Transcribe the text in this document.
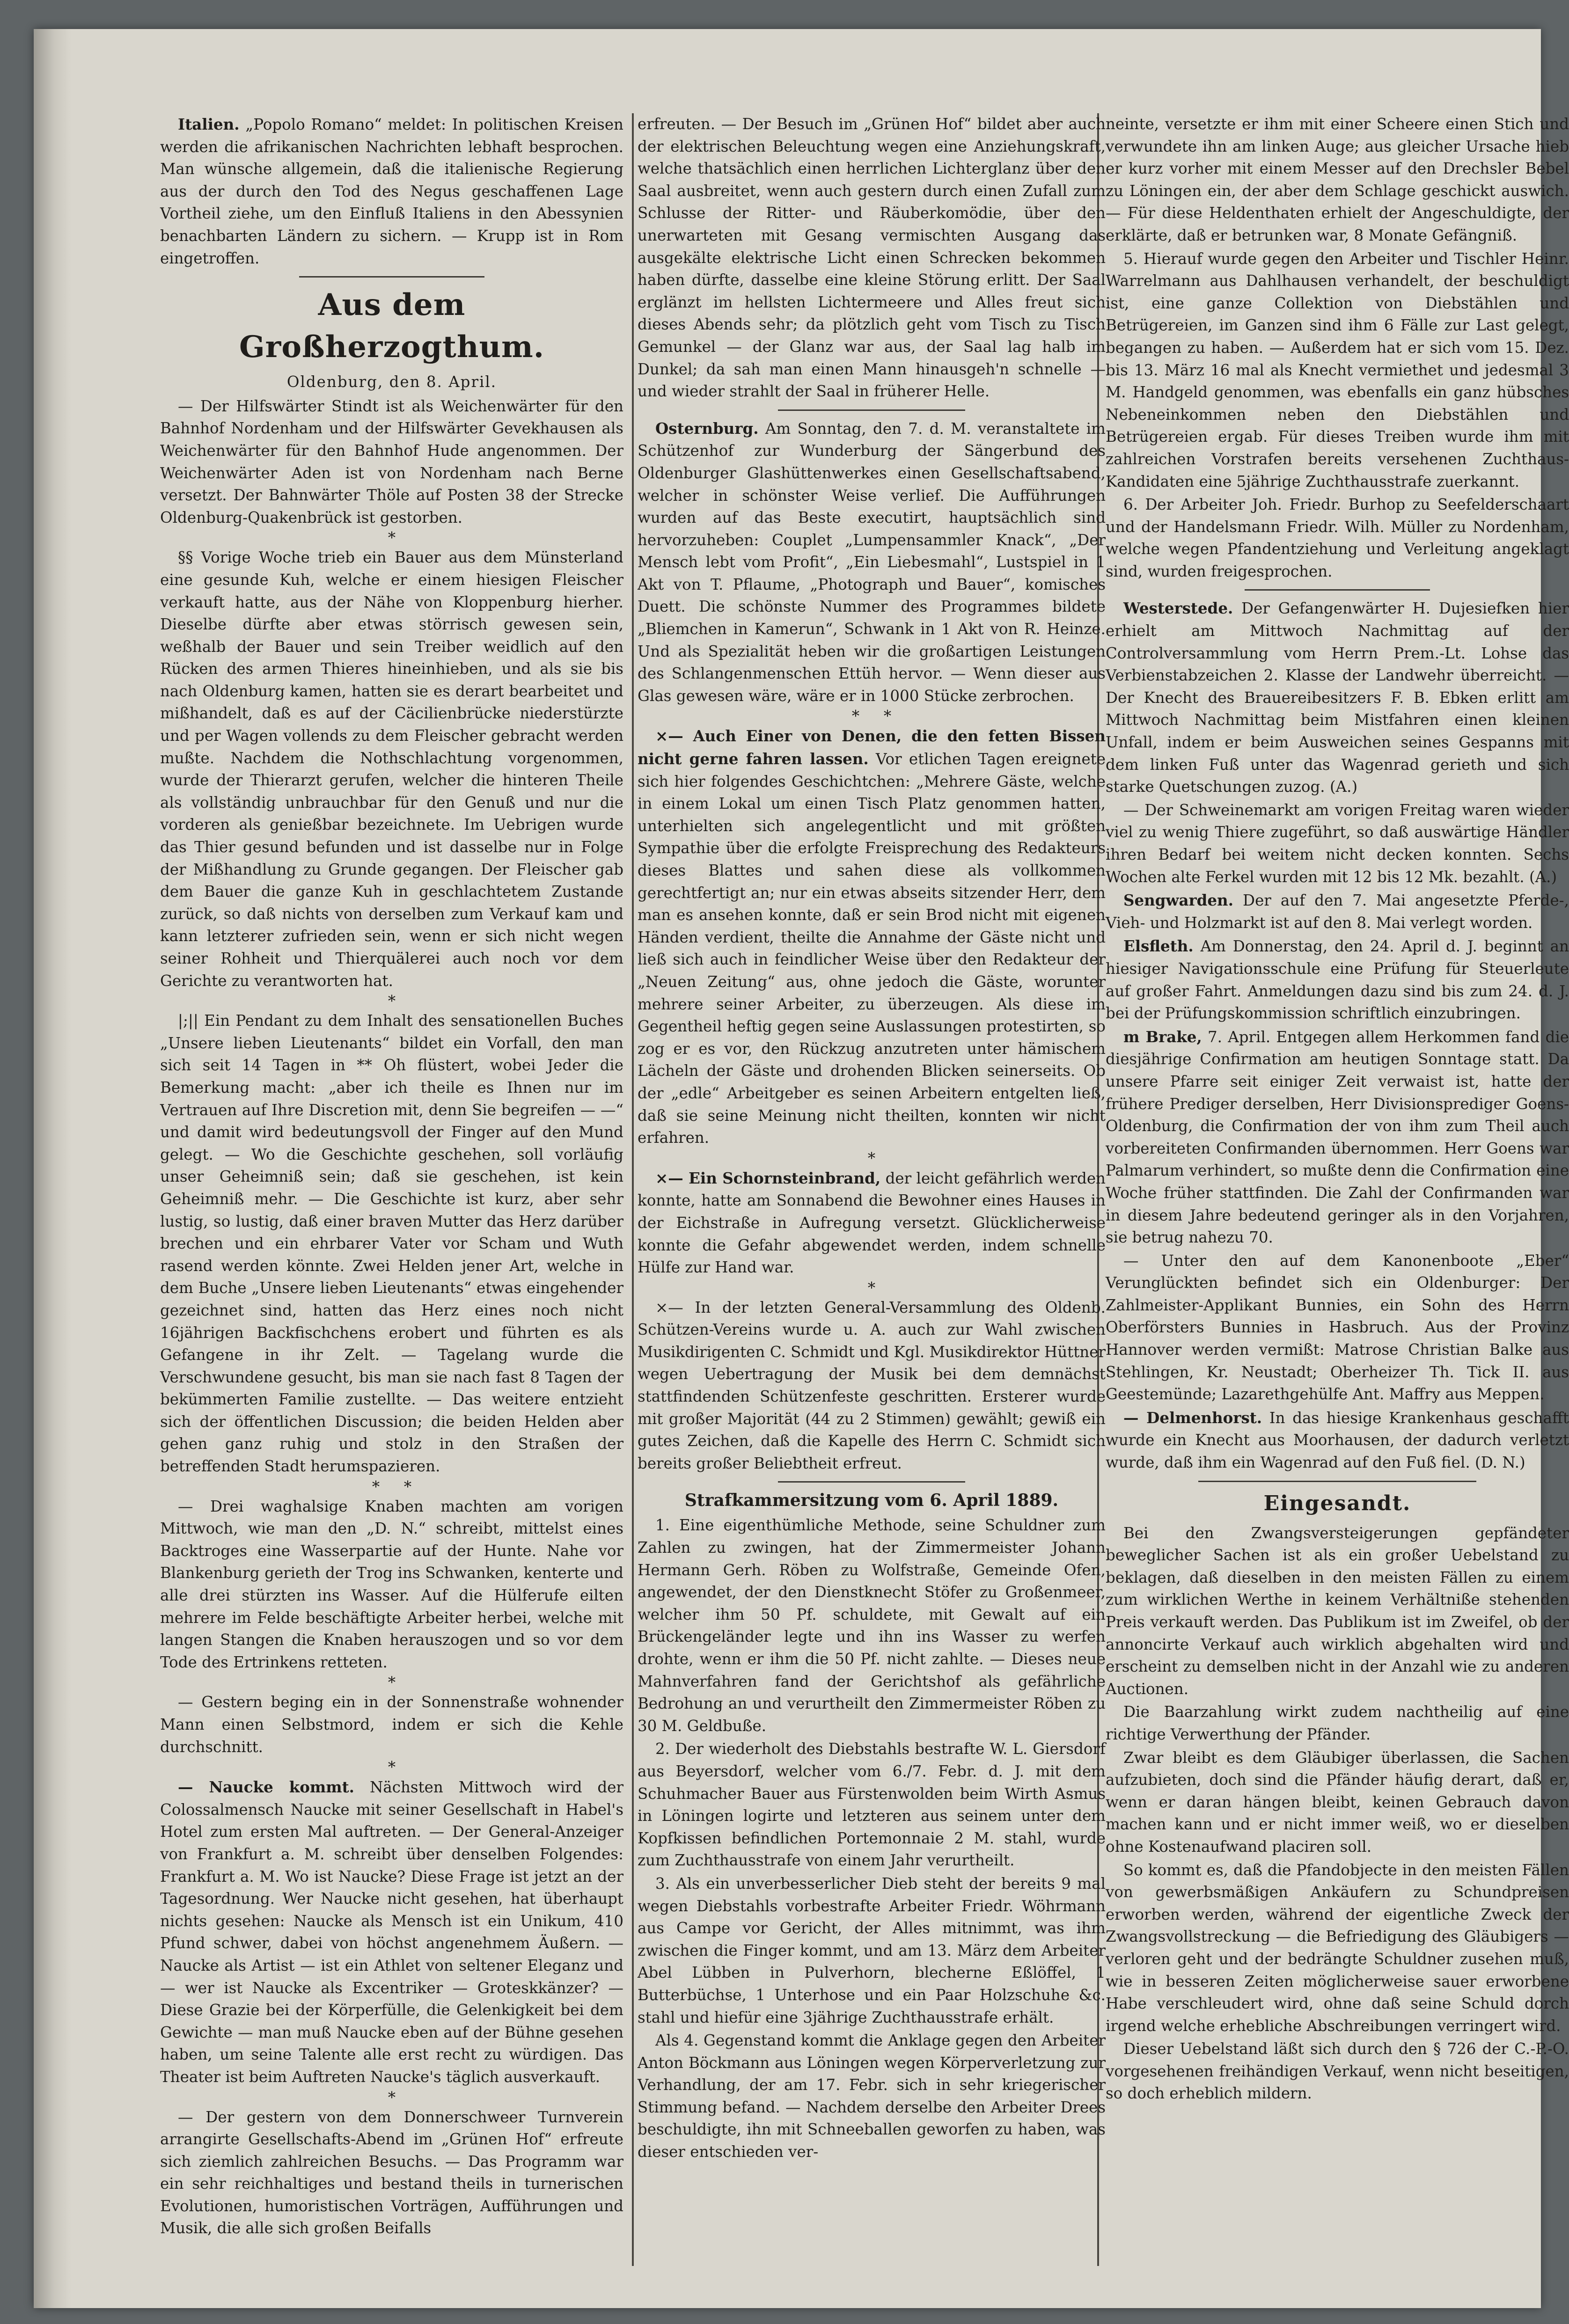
Italien. „Popolo Romano“ meldet: In politischen Kreisen werden die afrikanischen Nachrichten lebhaft besprochen. Man wünsche allgemein, daß die italienische Regierung aus der durch den Tod des Negus geschaffenen Lage Vortheil ziehe, um den Einfluß Italiens in den Abessynien benachbarten Ländern zu sichern. — Krupp ist in Rom eingetroffen.

Aus dem Großherzogthum.
Oldenburg, den 8. April.

— Der Hilfswärter Stindt ist als Weichenwärter für den Bahnhof Nordenham und der Hilfswärter Gevekhausen als Weichenwärter für den Bahnhof Hude angenommen. Der Weichenwärter Aden ist von Nordenham nach Berne versetzt. Der Bahnwärter Thöle auf Posten 38 der Strecke Oldenburg-Quakenbrück ist gestorben.

*

§§ Vorige Woche trieb ein Bauer aus dem Münsterland eine gesunde Kuh, welche er einem hiesigen Fleischer verkauft hatte, aus der Nähe von Kloppenburg hierher. Dieselbe dürfte aber etwas störrisch gewesen sein, weßhalb der Bauer und sein Treiber weidlich auf den Rücken des armen Thieres hineinhieben, und als sie bis nach Oldenburg kamen, hatten sie es derart bearbeitet und mißhandelt, daß es auf der Cäcilienbrücke niederstürzte und per Wagen vollends zu dem Fleischer gebracht werden mußte. Nachdem die Nothschlachtung vorgenommen, wurde der Thierarzt gerufen, welcher die hinteren Theile als vollständig unbrauchbar für den Genuß und nur die vorderen als genießbar bezeichnete. Im Uebrigen wurde das Thier gesund befunden und ist dasselbe nur in Folge der Mißhandlung zu Grunde gegangen. Der Fleischer gab dem Bauer die ganze Kuh in geschlachtetem Zustande zurück, so daß nichts von derselben zum Verkauf kam und kann letzterer zufrieden sein, wenn er sich nicht wegen seiner Rohheit und Thierquälerei auch noch vor dem Gerichte zu verantworten hat.

*

|;|| Ein Pendant zu dem Inhalt des sensationellen Buches „Unsere lieben Lieutenants“ bildet ein Vorfall, den man sich seit 14 Tagen in ** Oh flüstert, wobei Jeder die Bemerkung macht: „aber ich theile es Ihnen nur im Vertrauen auf Ihre Discretion mit, denn Sie begreifen — —“ und damit wird bedeutungsvoll der Finger auf den Mund gelegt. — Wo die Geschichte geschehen, soll vorläufig unser Geheimniß sein; daß sie geschehen, ist kein Geheimniß mehr. — Die Geschichte ist kurz, aber sehr lustig, so lustig, daß einer braven Mutter das Herz darüber brechen und ein ehrbarer Vater vor Scham und Wuth rasend werden könnte. Zwei Helden jener Art, welche in dem Buche „Unsere lieben Lieutenants“ etwas eingehender gezeichnet sind, hatten das Herz eines noch nicht 16jährigen Backfischchens erobert und führten es als Gefangene in ihr Zelt. — Tagelang wurde die Verschwundene gesucht, bis man sie nach fast 8 Tagen der bekümmerten Familie zustellte. — Das weitere entzieht sich der öffentlichen Discussion; die beiden Helden aber gehen ganz ruhig und stolz in den Straßen der betreffenden Stadt herumspazieren.

*     *

— Drei waghalsige Knaben machten am vorigen Mittwoch, wie man den „D. N.“ schreibt, mittelst eines Backtroges eine Wasserpartie auf der Hunte. Nahe vor Blankenburg gerieth der Trog ins Schwanken, kenterte und alle drei stürzten ins Wasser. Auf die Hülferufe eilten mehrere im Felde beschäftigte Arbeiter herbei, welche mit langen Stangen die Knaben herauszogen und so vor dem Tode des Ertrinkens retteten.

*

— Gestern beging ein in der Sonnenstraße wohnender Mann einen Selbstmord, indem er sich die Kehle durchschnitt.

*

— Naucke kommt. Nächsten Mittwoch wird der Colossalmensch Naucke mit seiner Gesellschaft in Habel's Hotel zum ersten Mal auftreten. — Der General-Anzeiger von Frankfurt a. M. schreibt über denselben Folgendes: Frankfurt a. M. Wo ist Naucke? Diese Frage ist jetzt an der Tagesordnung. Wer Naucke nicht gesehen, hat überhaupt nichts gesehen: Naucke als Mensch ist ein Unikum, 410 Pfund schwer, dabei von höchst angenehmem Äußern. — Naucke als Artist — ist ein Athlet von seltener Eleganz und — wer ist Naucke als Excentriker — Groteskkänzer? — Diese Grazie bei der Körperfülle, die Gelenkigkeit bei dem Gewichte — man muß Naucke eben auf der Bühne gesehen haben, um seine Talente alle erst recht zu würdigen. Das Theater ist beim Auftreten Naucke's täglich ausverkauft.

*

— Der gestern von dem Donnerschweer Turnverein arrangirte Gesellschafts-Abend im „Grünen Hof“ erfreute sich ziemlich zahlreichen Besuchs. — Das Programm war ein sehr reichhaltiges und bestand theils in turnerischen Evolutionen, humoristischen Vorträgen, Aufführungen und Musik, die alle sich großen Beifalls

erfreuten. — Der Besuch im „Grünen Hof“ bildet aber auch der elektrischen Beleuchtung wegen eine Anziehungskraft, welche thatsächlich einen herrlichen Lichterglanz über den Saal ausbreitet, wenn auch gestern durch einen Zufall zum Schlusse der Ritter- und Räuberkomödie, über den unerwarteten mit Gesang vermischten Ausgang das ausgekälte elektrische Licht einen Schrecken bekommen haben dürfte, dasselbe eine kleine Störung erlitt. Der Saal erglänzt im hellsten Lichtermeere und Alles freut sich dieses Abends sehr; da plötzlich geht vom Tisch zu Tisch Gemunkel — der Glanz war aus, der Saal lag halb im Dunkel; da sah man einen Mann hinausgeh'n schnelle — und wieder strahlt der Saal in früherer Helle.

Osternburg. Am Sonntag, den 7. d. M. veranstaltete im Schützenhof zur Wunderburg der Sängerbund des Oldenburger Glashüttenwerkes einen Gesellschaftsabend, welcher in schönster Weise verlief. Die Aufführungen wurden auf das Beste executirt, hauptsächlich sind hervorzuheben: Couplet „Lumpensammler Knack“, „Der Mensch lebt vom Profit“, „Ein Liebesmahl“, Lustspiel in 1 Akt von T. Pflaume, „Photograph und Bauer“, komisches Duett. Die schönste Nummer des Programmes bildete „Bliemchen in Kamerun“, Schwank in 1 Akt von R. Heinze. Und als Spezialität heben wir die großartigen Leistungen des Schlangenmenschen Ettüh hervor. — Wenn dieser aus Glas gewesen wäre, wäre er in 1000 Stücke zerbrochen.

*     *

×— Auch Einer von Denen, die den fetten Bissen nicht gerne fahren lassen. Vor etlichen Tagen ereignete sich hier folgendes Geschichtchen: „Mehrere Gäste, welche in einem Lokal um einen Tisch Platz genommen hatten, unterhielten sich angelegentlicht und mit größten Sympathie über die erfolgte Freisprechung des Redakteurs dieses Blattes und sahen diese als vollkommen gerechtfertigt an; nur ein etwas abseits sitzender Herr, dem man es ansehen konnte, daß er sein Brod nicht mit eigenen Händen verdient, theilte die Annahme der Gäste nicht und ließ sich auch in feindlicher Weise über den Redakteur der „Neuen Zeitung“ aus, ohne jedoch die Gäste, worunter mehrere seiner Arbeiter, zu überzeugen. Als diese im Gegentheil heftig gegen seine Auslassungen protestirten, so zog er es vor, den Rückzug anzutreten unter hämischem Lächeln der Gäste und drohenden Blicken seinerseits. Ob der „edle“ Arbeitgeber es seinen Arbeitern entgelten ließ, daß sie seine Meinung nicht theilten, konnten wir nicht erfahren.

*

×— Ein Schornsteinbrand, der leicht gefährlich werden konnte, hatte am Sonnabend die Bewohner eines Hauses in der Eichstraße in Aufregung versetzt. Glücklicherweise konnte die Gefahr abgewendet werden, indem schnelle Hülfe zur Hand war.

*

×— In der letzten General-Versammlung des Oldenb. Schützen-Vereins wurde u. A. auch zur Wahl zwischen Musikdirigenten C. Schmidt und Kgl. Musikdirektor Hüttner wegen Uebertragung der Musik bei dem demnächst stattfindenden Schützenfeste geschritten. Ersterer wurde mit großer Majorität (44 zu 2 Stimmen) gewählt; gewiß ein gutes Zeichen, daß die Kapelle des Herrn C. Schmidt sich bereits großer Beliebtheit erfreut.

Strafkammersitzung vom 6. April 1889.

1. Eine eigenthümliche Methode, seine Schuldner zum Zahlen zu zwingen, hat der Zimmermeister Johann Hermann Gerh. Röben zu Wolfstraße, Gemeinde Ofen, angewendet, der den Dienstknecht Stöfer zu Großenmeer, welcher ihm 50 Pf. schuldete, mit Gewalt auf ein Brückengeländer legte und ihn ins Wasser zu werfen drohte, wenn er ihm die 50 Pf. nicht zahlte. — Dieses neue Mahnverfahren fand der Gerichtshof als gefährliche Bedrohung an und verurtheilt den Zimmermeister Röben zu 30 M. Geldbuße.

2. Der wiederholt des Diebstahls bestrafte W. L. Giersdorf aus Beyersdorf, welcher vom 6./7. Febr. d. J. mit dem Schuhmacher Bauer aus Fürstenwolden beim Wirth Asmus in Löningen logirte und letzteren aus seinem unter dem Kopfkissen befindlichen Portemonnaie 2 M. stahl, wurde zum Zuchthausstrafe von einem Jahr verurtheilt.

3. Als ein unverbesserlicher Dieb steht der bereits 9 mal wegen Diebstahls vorbestrafte Arbeiter Friedr. Wöhrmann aus Campe vor Gericht, der Alles mitnimmt, was ihm zwischen die Finger kommt, und am 13. März dem Arbeiter Abel Lübben in Pulverhorn, blecherne Eßlöffel, 1 Butterbüchse, 1 Unterhose und ein Paar Holzschuhe &c. stahl und hiefür eine 3jährige Zuchthausstrafe erhält.

Als 4. Gegenstand kommt die Anklage gegen den Arbeiter Anton Böckmann aus Löningen wegen Körperverletzung zur Verhandlung, der am 17. Febr. sich in sehr kriegerischer Stimmung befand. — Nachdem derselbe den Arbeiter Drees beschuldigte, ihn mit Schneeballen geworfen zu haben, was dieser entschieden ver-

neinte, versetzte er ihm mit einer Scheere einen Stich und verwundete ihn am linken Auge; aus gleicher Ursache hieb er kurz vorher mit einem Messer auf den Drechsler Bebel zu Löningen ein, der aber dem Schlage geschickt auswich. — Für diese Heldenthaten erhielt der Angeschuldigte, der erklärte, daß er betrunken war, 8 Monate Gefängniß.

5. Hierauf wurde gegen den Arbeiter und Tischler Heinr. Warrelmann aus Dahlhausen verhandelt, der beschuldigt ist, eine ganze Collektion von Diebstählen und Betrügereien, im Ganzen sind ihm 6 Fälle zur Last gelegt, begangen zu haben. — Außerdem hat er sich vom 15. Dez. bis 13. März 16 mal als Knecht vermiethet und jedesmal 3 M. Handgeld genommen, was ebenfalls ein ganz hübsches Nebeneinkommen neben den Diebstählen und Betrügereien ergab. Für dieses Treiben wurde ihm mit zahlreichen Vorstrafen bereits versehenen Zuchthaus-Kandidaten eine 5jährige Zuchthausstrafe zuerkannt.

6. Der Arbeiter Joh. Friedr. Burhop zu Seefelderschaart und der Handelsmann Friedr. Wilh. Müller zu Nordenham, welche wegen Pfandentziehung und Verleitung angeklagt sind, wurden freigesprochen.

Westerstede. Der Gefangenwärter H. Dujesiefken hier erhielt am Mittwoch Nachmittag auf der Controlversammlung vom Herrn Prem.-Lt. Lohse das Verbienstabzeichen 2. Klasse der Landwehr überreicht. — Der Knecht des Brauereibesitzers F. B. Ebken erlitt am Mittwoch Nachmittag beim Mistfahren einen kleinen Unfall, indem er beim Ausweichen seines Gespanns mit dem linken Fuß unter das Wagenrad gerieth und sich starke Quetschungen zuzog. (A.)

— Der Schweinemarkt am vorigen Freitag waren wieder viel zu wenig Thiere zugeführt, so daß auswärtige Händler ihren Bedarf bei weitem nicht decken konnten. Sechs Wochen alte Ferkel wurden mit 12 bis 12 Mk. bezahlt. (A.)

Sengwarden. Der auf den 7. Mai angesetzte Pferde-, Vieh- und Holzmarkt ist auf den 8. Mai verlegt worden.

Elsfleth. Am Donnerstag, den 24. April d. J. beginnt an hiesiger Navigationsschule eine Prüfung für Steuerleute auf großer Fahrt. Anmeldungen dazu sind bis zum 24. d. J. bei der Prüfungskommission schriftlich einzubringen.

m Brake, 7. April. Entgegen allem Herkommen fand die diesjährige Confirmation am heutigen Sonntage statt. Da unsere Pfarre seit einiger Zeit verwaist ist, hatte der frühere Prediger derselben, Herr Divisionsprediger Goens-Oldenburg, die Confirmation der von ihm zum Theil auch vorbereiteten Confirmanden übernommen. Herr Goens war Palmarum verhindert, so mußte denn die Confirmation eine Woche früher stattfinden. Die Zahl der Confirmanden war in diesem Jahre bedeutend geringer als in den Vorjahren, sie betrug nahezu 70.

— Unter den auf dem Kanonenboote „Eber“ Verunglückten befindet sich ein Oldenburger: Der Zahlmeister-Applikant Bunnies, ein Sohn des Herrn Oberförsters Bunnies in Hasbruch. Aus der Provinz Hannover werden vermißt: Matrose Christian Balke aus Stehlingen, Kr. Neustadt; Oberheizer Th. Tick II. aus Geestemünde; Lazarethgehülfe Ant. Maffry aus Meppen.

— Delmenhorst. In das hiesige Krankenhaus geschafft wurde ein Knecht aus Moorhausen, der dadurch verletzt wurde, daß ihm ein Wagenrad auf den Fuß fiel. (D. N.)

Eingesandt.

Bei den Zwangsversteigerungen gepfändeter beweglicher Sachen ist als ein großer Uebelstand zu beklagen, daß dieselben in den meisten Fällen zu einem zum wirklichen Werthe in keinem Verhältniße stehenden Preis verkauft werden. Das Publikum ist im Zweifel, ob der annoncirte Verkauf auch wirklich abgehalten wird und erscheint zu demselben nicht in der Anzahl wie zu anderen Auctionen.

Die Baarzahlung wirkt zudem nachtheilig auf eine richtige Verwerthung der Pfänder.

Zwar bleibt es dem Gläubiger überlassen, die Sachen aufzubieten, doch sind die Pfänder häufig derart, daß er, wenn er daran hängen bleibt, keinen Gebrauch davon machen kann und er nicht immer weiß, wo er dieselben ohne Kostenaufwand placiren soll.

So kommt es, daß die Pfandobjecte in den meisten Fällen von gewerbsmäßigen Ankäufern zu Schundpreisen erworben werden, während der eigentliche Zweck der Zwangsvollstreckung — die Befriedigung des Gläubigers — verloren geht und der bedrängte Schuldner zusehen muß, wie in besseren Zeiten möglicherweise sauer erworbene Habe verschleudert wird, ohne daß seine Schuld dorch irgend welche erhebliche Abschreibungen verringert wird.

Dieser Uebelstand läßt sich durch den § 726 der C.-P.-O. vorgesehenen freihändigen Verkauf, wenn nicht beseitigen, so doch erheblich mildern.
